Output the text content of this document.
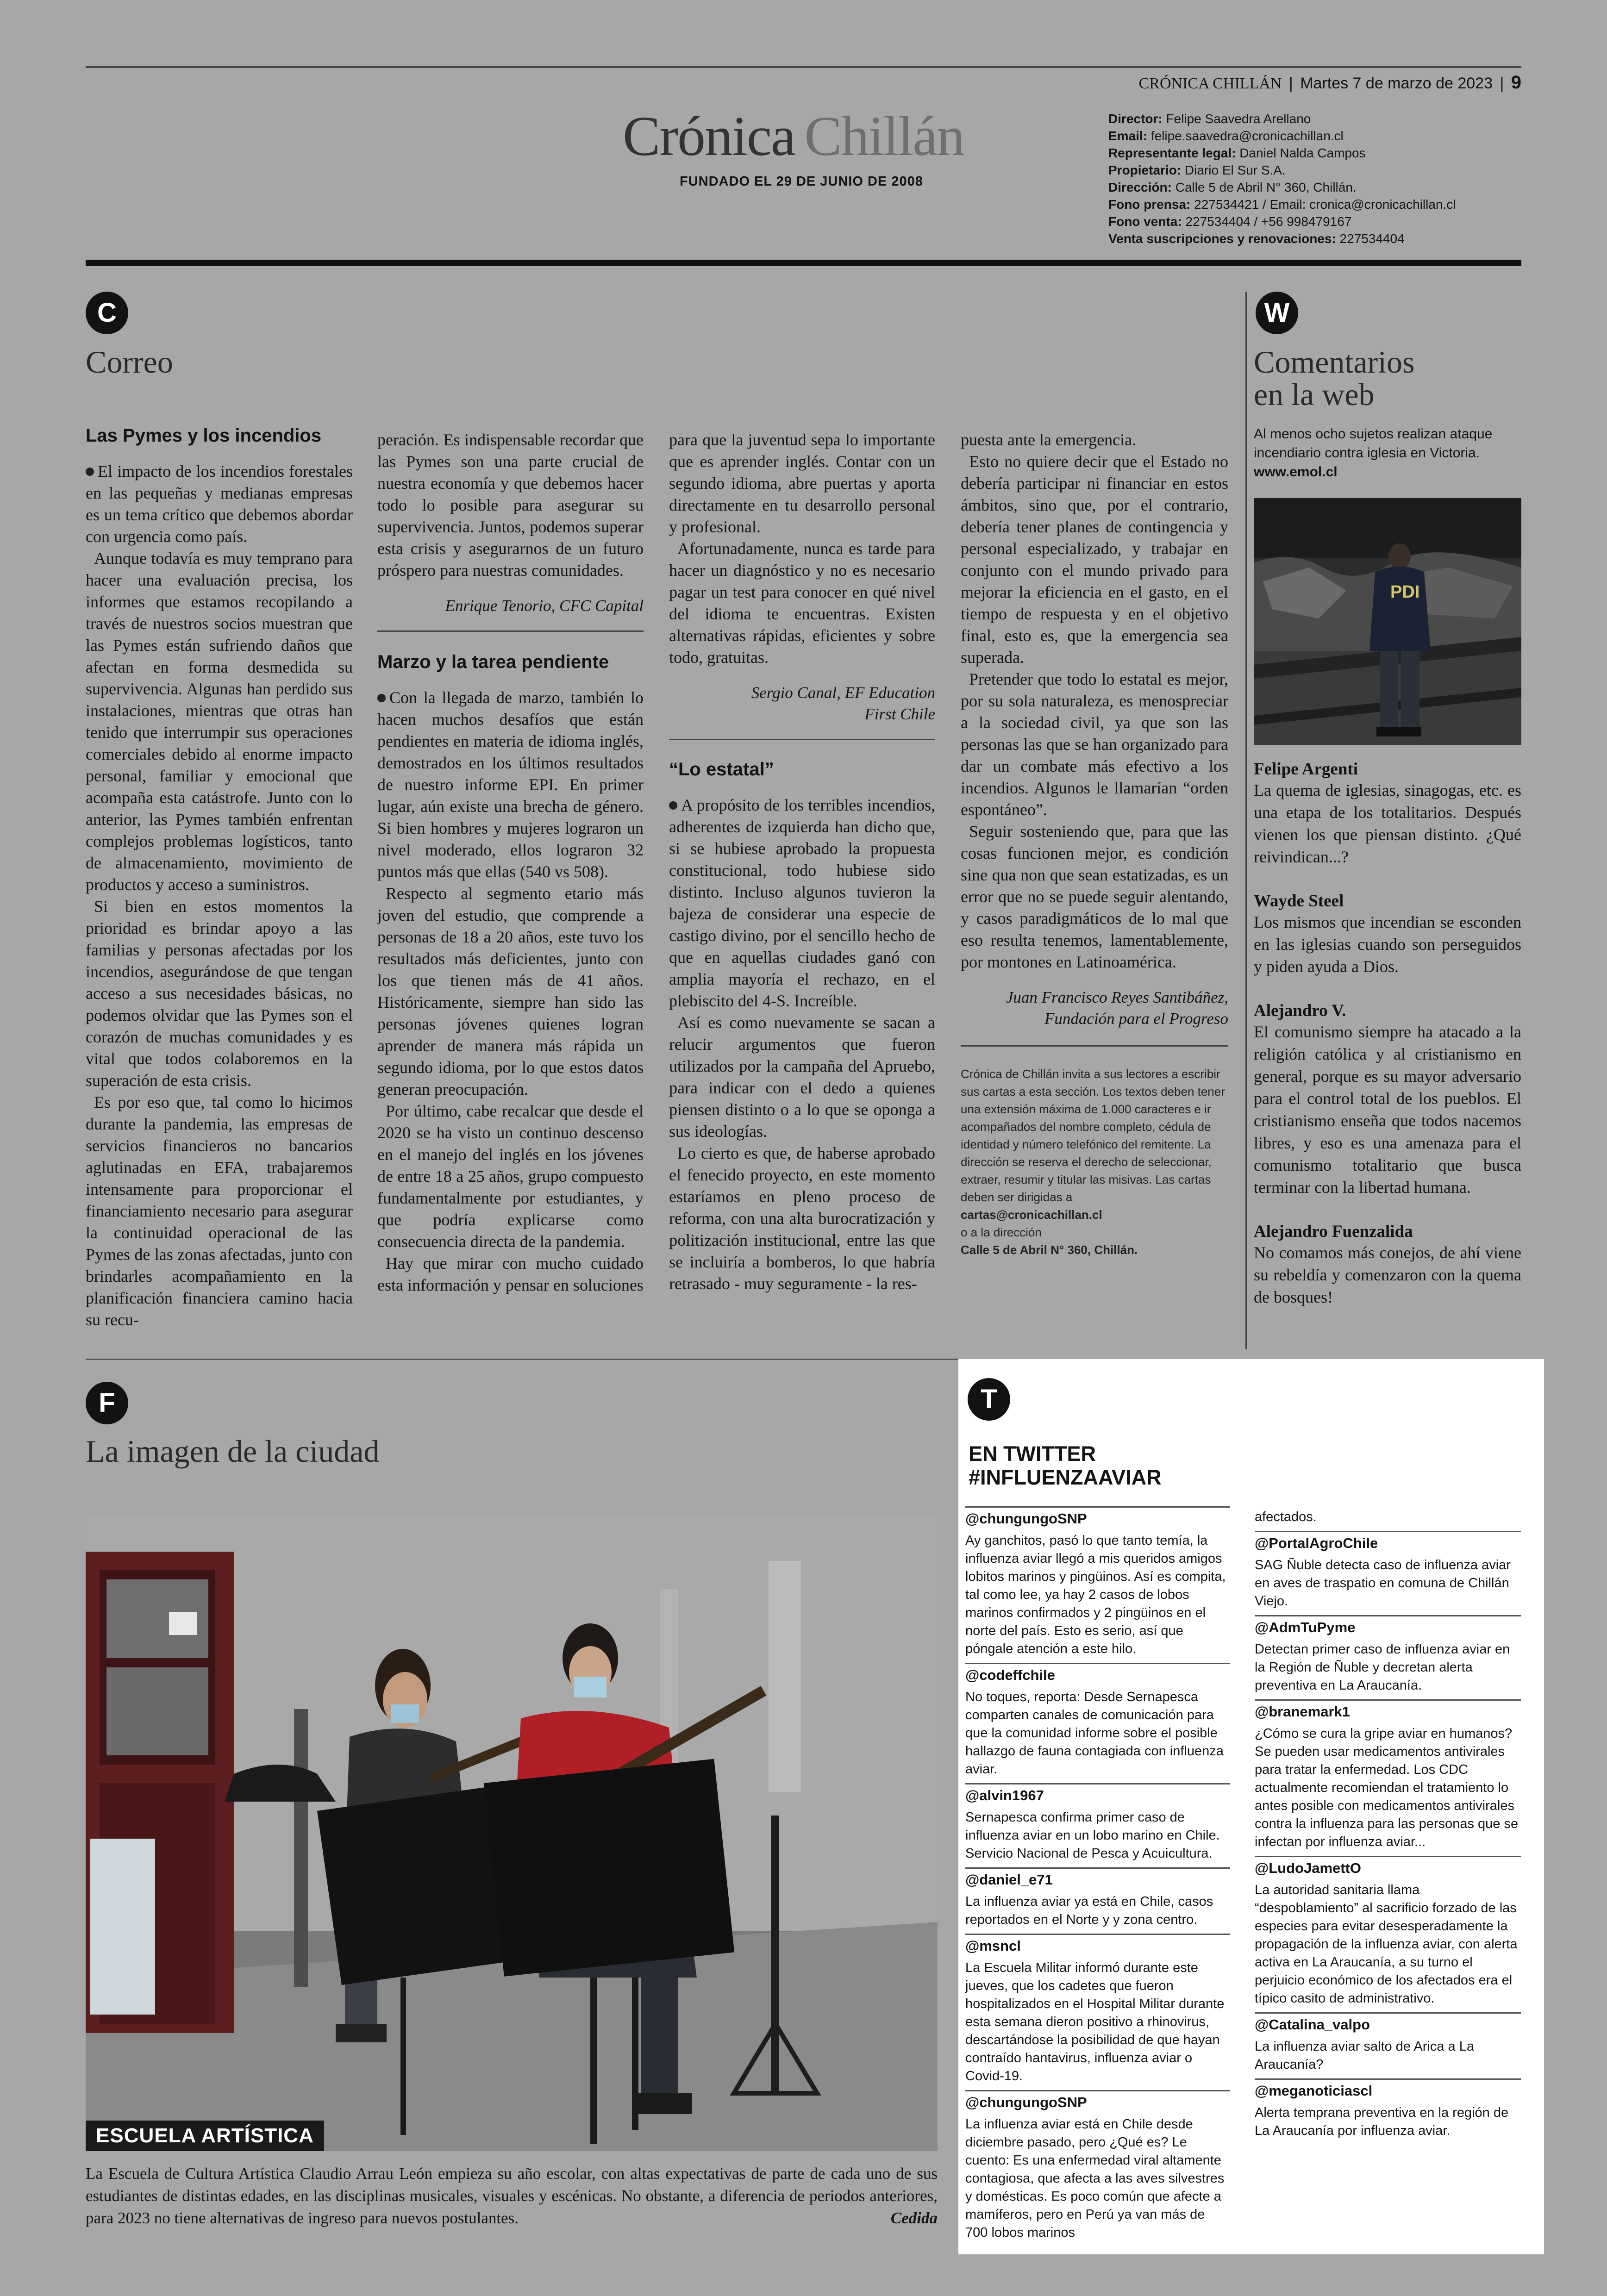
CRÓNICA CHILLÁN | Martes 7 de marzo de 2023 | 9
Crónica Chillán
FUNDADO EL 29 DE JUNIO DE 2008
Director: Felipe Saavedra Arellano
Email: felipe.saavedra@cronicachillan.cl
Representante legal: Daniel Nalda Campos
Propietario: Diario El Sur S.A.
Dirección: Calle 5 de Abril N° 360, Chillán.
Fono prensa: 227534421 / Email: cronica@cronicachillan.cl
Fono venta: 227534404 / +56 998479167
Venta suscripciones y renovaciones: 227534404
C
Correo
Las Pymes y los incendios

El impacto de los incendios forestales en las pequeñas y medianas empresas es un tema crítico que debemos abordar con urgencia como país.

Aunque todavía es muy temprano para hacer una evaluación precisa, los informes que estamos recopilando a través de nuestros socios muestran que las Pymes están sufriendo daños que afectan en forma desmedida su supervivencia. Algunas han perdido sus instalaciones, mientras que otras han tenido que interrumpir sus operaciones comerciales debido al enorme impacto personal, familiar y emocional que acompaña esta catástrofe. Junto con lo anterior, las Pymes también enfrentan complejos problemas logísticos, tanto de almacenamiento, movimiento de productos y acceso a suministros.

Si bien en estos momentos la prioridad es brindar apoyo a las familias y personas afectadas por los incendios, asegurándose de que tengan acceso a sus necesidades básicas, no podemos olvidar que las Pymes son el corazón de muchas comunidades y es vital que todos colaboremos en la superación de esta crisis.

Es por eso que, tal como lo hicimos durante la pandemia, las empresas de servicios financieros no bancarios aglutinadas en EFA, trabajaremos intensamente para proporcionar el financiamiento necesario para asegurar la continuidad operacional de las Pymes de las zonas afectadas, junto con brindarles acompañamiento en la planificación financiera camino hacia su recu-

peración. Es indispensable recordar que las Pymes son una parte crucial de nuestra economía y que debemos hacer todo lo posible para asegurar su supervivencia. Juntos, podemos superar esta crisis y asegurarnos de un futuro próspero para nuestras comunidades.

Enrique Tenorio, CFC Capital
Marzo y la tarea pendiente

Con la llegada de marzo, también lo hacen muchos desafíos que están pendientes en materia de idioma inglés, demostrados en los últimos resultados de nuestro informe EPI. En primer lugar, aún existe una brecha de género. Si bien hombres y mujeres lograron un nivel moderado, ellos lograron 32 puntos más que ellas (540 vs 508).

Respecto al segmento etario más joven del estudio, que comprende a personas de 18 a 20 años, este tuvo los resultados más deficientes, junto con los que tienen más de 41 años. Históricamente, siempre han sido las personas jóvenes quienes logran aprender de manera más rápida un segundo idioma, por lo que estos datos generan preocupación.

Por último, cabe recalcar que desde el 2020 se ha visto un continuo descenso en el manejo del inglés en los jóvenes de entre 18 a 25 años, grupo compuesto fundamentalmente por estudiantes, y que podría explicarse como consecuencia directa de la pandemia.

Hay que mirar con mucho cuidado esta información y pensar en soluciones

para que la juventud sepa lo importante que es aprender inglés. Contar con un segundo idioma, abre puertas y aporta directamente en tu desarrollo personal y profesional.

Afortunadamente, nunca es tarde para hacer un diagnóstico y no es necesario pagar un test para conocer en qué nivel del idioma te encuentras. Existen alternativas rápidas, eficientes y sobre todo, gratuitas.

Sergio Canal, EF Education
First Chile
“Lo estatal”

A propósito de los terribles incendios, adherentes de izquierda han dicho que, si se hubiese aprobado la propuesta constitucional, todo hubiese sido distinto. Incluso algunos tuvieron la bajeza de considerar una especie de castigo divino, por el sencillo hecho de que en aquellas ciudades ganó con amplia mayoría el rechazo, en el plebiscito del 4-S. Increíble.

Así es como nuevamente se sacan a relucir argumentos que fueron utilizados por la campaña del Apruebo, para indicar con el dedo a quienes piensen distinto o a lo que se oponga a sus ideologías.

Lo cierto es que, de haberse aprobado el fenecido proyecto, en este momento estaríamos en pleno proceso de reforma, con una alta burocratización y politización institucional, entre las que se incluiría a bomberos, lo que habría retrasado - muy seguramente - la res-

puesta ante la emergencia.

Esto no quiere decir que el Estado no debería participar ni financiar en estos ámbitos, sino que, por el contrario, debería tener planes de contingencia y personal especializado, y trabajar en conjunto con el mundo privado para mejorar la eficiencia en el gasto, en el tiempo de respuesta y en el objetivo final, esto es, que la emergencia sea superada.

Pretender que todo lo estatal es mejor, por su sola naturaleza, es menospreciar a la sociedad civil, ya que son las personas las que se han organizado para dar un combate más efectivo a los incendios. Algunos le llamarían “orden espontáneo”.

Seguir sosteniendo que, para que las cosas funcionen mejor, es condición sine qua non que sean estatizadas, es un error que no se puede seguir alentando, y casos paradigmáticos de lo mal que eso resulta tenemos, lamentablemente, por montones en Latinoamérica.

Juan Francisco Reyes Santibáñez,
Fundación para el Progreso
Crónica de Chillán invita a sus lectores a escribir sus cartas a esta sección. Los textos deben tener una extensión máxima de 1.000 caracteres e ir acompañados del nombre completo, cédula de identidad y número telefónico del remitente. La dirección se reserva el derecho de seleccionar, extraer, resumir y titular las misivas. Las cartas deben ser dirigidas a
cartas@cronicachillan.cl
o a la dirección
Calle 5 de Abril N° 360, Chillán.
W
Comentarios
en la web
Al menos ocho sujetos realizan ataque incendiario contra iglesia en Victoria.
www.emol.cl
PDI
Felipe Argenti
La quema de iglesias, sinagogas, etc. es una etapa de los totalitarios. Después vienen los que piensan distinto. ¿Qué reivindican...?
Wayde Steel
Los mismos que incendian se esconden en las iglesias cuando son perseguidos y piden ayuda a Dios.
Alejandro V.
El comunismo siempre ha atacado a la religión católica y al cristianismo en general, porque es su mayor adversario para el control total de los pueblos. El cristianismo enseña que todos nacemos libres, y eso es una amenaza para el comunismo totalitario que busca terminar con la libertad humana.
Alejandro Fuenzalida
No comamos más conejos, de ahí viene su rebeldía y comenzaron con la quema de bosques!
F
La imagen de la ciudad
ESCUELA ARTÍSTICA
La Escuela de Cultura Artística Claudio Arrau León empieza su año escolar, con altas expectativas de parte de cada uno de sus estudiantes de distintas edades, en las disciplinas musicales, visuales y escénicas. No obstante, a diferencia de periodos anteriores, para 2023 no tiene alternativas de ingreso para nuevos postulantes.	Cedida
T
EN TWITTER
#INFLUENZAAVIAR
@chungungoSNP
Ay ganchitos, pasó lo que tanto temía, la influenza aviar llegó a mis queridos amigos lobitos marinos y pingüinos. Así es compita, tal como lee, ya hay 2 casos de lobos marinos confirmados y 2 pingüinos en el norte del país. Esto es serio, así que póngale atención a este hilo.
@codeffchile
No toques, reporta: Desde Sernapesca comparten canales de comunicación para que la comunidad informe sobre el posible hallazgo de fauna contagiada con influenza aviar.
@alvin1967
Sernapesca confirma primer caso de influenza aviar en un lobo marino en Chile. Servicio Nacional de Pesca y Acuicultura.
@daniel_e71
La influenza aviar ya está en Chile, casos reportados en el Norte y y zona centro.
@msncl
La Escuela Militar informó durante este jueves, que los cadetes que fueron hospitalizados en el Hospital Militar durante esta semana dieron positivo a rhinovirus, descartándose la posibilidad de que hayan contraído hantavirus, influenza aviar o Covid-19.
@chungungoSNP
La influenza aviar está en Chile desde diciembre pasado, pero ¿Qué es? Le cuento: Es una enfermedad viral altamente contagiosa, que afecta a las aves silvestres y domésticas. Es poco común que afecte a mamíferos, pero en Perú ya van más de 700 lobos marinos
afectados.
@PortalAgroChile
SAG Ñuble detecta caso de influenza aviar en aves de traspatio en comuna de Chillán Viejo.
@AdmTuPyme
Detectan primer caso de influenza aviar en la Región de Ñuble y decretan alerta preventiva en La Araucanía.
@branemark1
¿Cómo se cura la gripe aviar en humanos? Se pueden usar medicamentos antivirales para tratar la enfermedad. Los CDC actualmente recomiendan el tratamiento lo antes posible con medicamentos antivirales contra la influenza para las personas que se infectan por influenza aviar...
@LudoJamettO
La autoridad sanitaria llama “despoblamiento” al sacrificio forzado de las especies para evitar desesperadamente la propagación de la influenza aviar, con alerta activa en La Araucanía, a su turno el perjuicio económico de los afectados era el típico casito de administrativo.
@Catalina_valpo
La influenza aviar salto de Arica a La Araucanía?
@meganoticiascl
Alerta temprana preventiva en la región de La Araucanía por influenza aviar.
